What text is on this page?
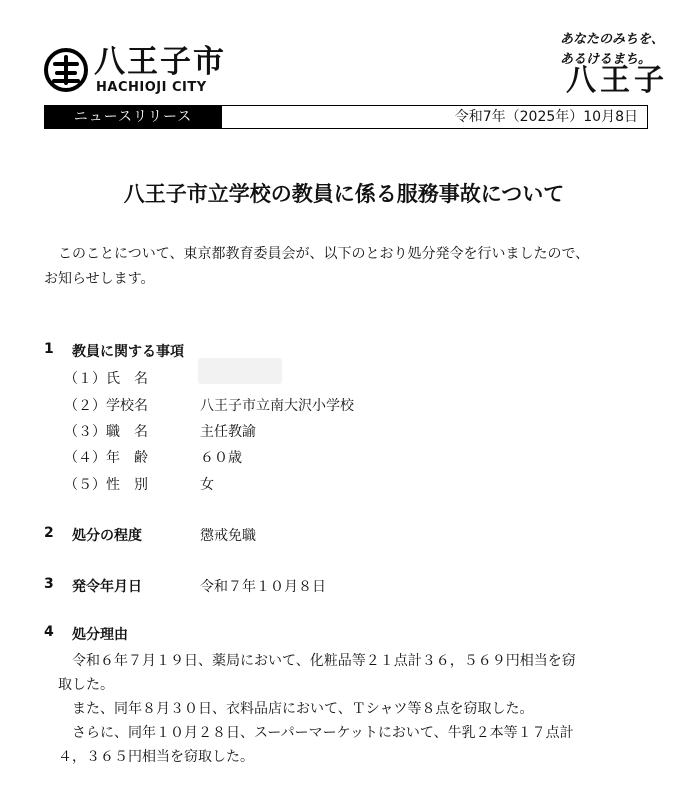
八王子市
HACHIOJI CITY
あなたのみちを、
あるけるまち。
八王子
ニュースリリース	令和7年（2025年）10月8日
八王子市立学校の教員に係る服務事故について
このことについて、東京都教育委員会が、以下のとおり処分発令を行いましたので、
お知らせします。
1 教員に関する事項
（１）氏　名
（２）学校名	八王子市立南大沢小学校
（３）職　名	主任教諭
（４）年　齢	６０歳
（５）性　別	女
2 処分の程度	懲戒免職
3 発令年月日	令和７年１０月８日
4 処分理由
令和６年７月１９日、薬局において、化粧品等２１点計３６，５６９円相当を窃
取した。
また、同年８月３０日、衣料品店において、Ｔシャツ等８点を窃取した。
さらに、同年１０月２８日、スーパーマーケットにおいて、牛乳２本等１７点計
４，３６５円相当を窃取した。
